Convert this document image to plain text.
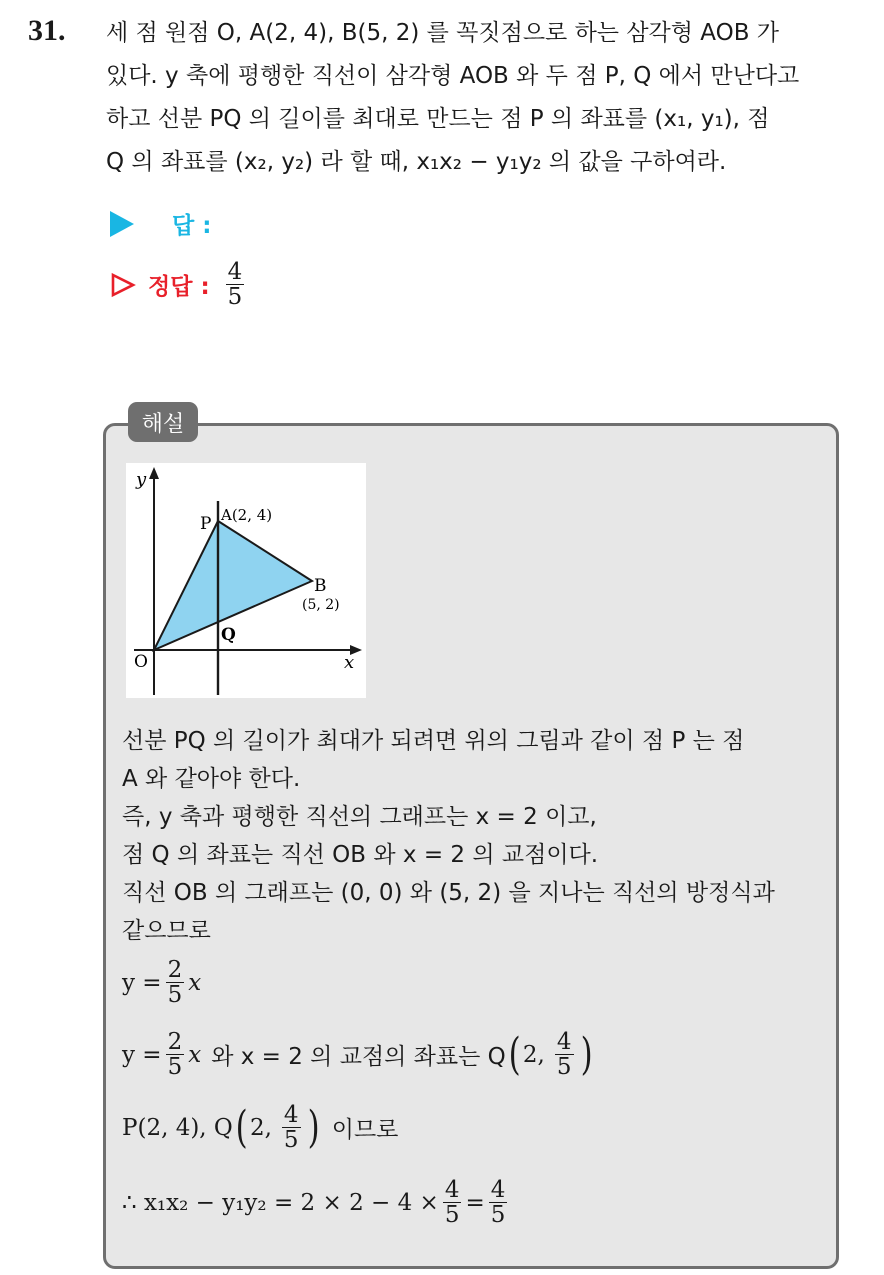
31. 세 점 원점 O, A(2, 4), B(5, 2) 를 꼭짓점으로 하는 삼각형 AOB 가

있다. y 축에 평행한 직선이 삼각형 AOB 와 두 점 P, Q 에서 만난다고

하고 선분 PQ 의 길이를 최대로 만드는 점 P 의 좌표를 (x₁, y₁), 점

Q 의 좌표를 (x₂, y₂) 라 할 때, x₁x₂ − y₁y₂ 의 값을 구하여라.

답 :
정답 : $\frac{4}{5}$
해설
y
x
O
P A(2, 4)
B
(5, 2)
Q
선분 PQ 의 길이가 최대가 되려면 위의 그림과 같이 점 P 는 점
A 와 같아야 한다.
즉, y 축과 평행한 직선의 그래프는 x = 2 이고,
점 Q 의 좌표는 직선 OB 와 x = 2 의 교점이다.
직선 OB 의 그래프는 (0, 0) 와 (5, 2) 을 지나는 직선의 방정식과
같으므로
$y = \frac{2}{5}$ x
$y = \frac{2}{5}$ x 와 x = 2 의 교점의 좌표는 Q ( 2, $\frac{4}{5}$ )
P(2, 4), Q ( 2, $\frac{4}{5}$ ) 이므로
∴ $x_1x_2 - y_1y_2 = 2 \times 2 - 4 \times \frac{4}{5} = \frac{4}{5}$
